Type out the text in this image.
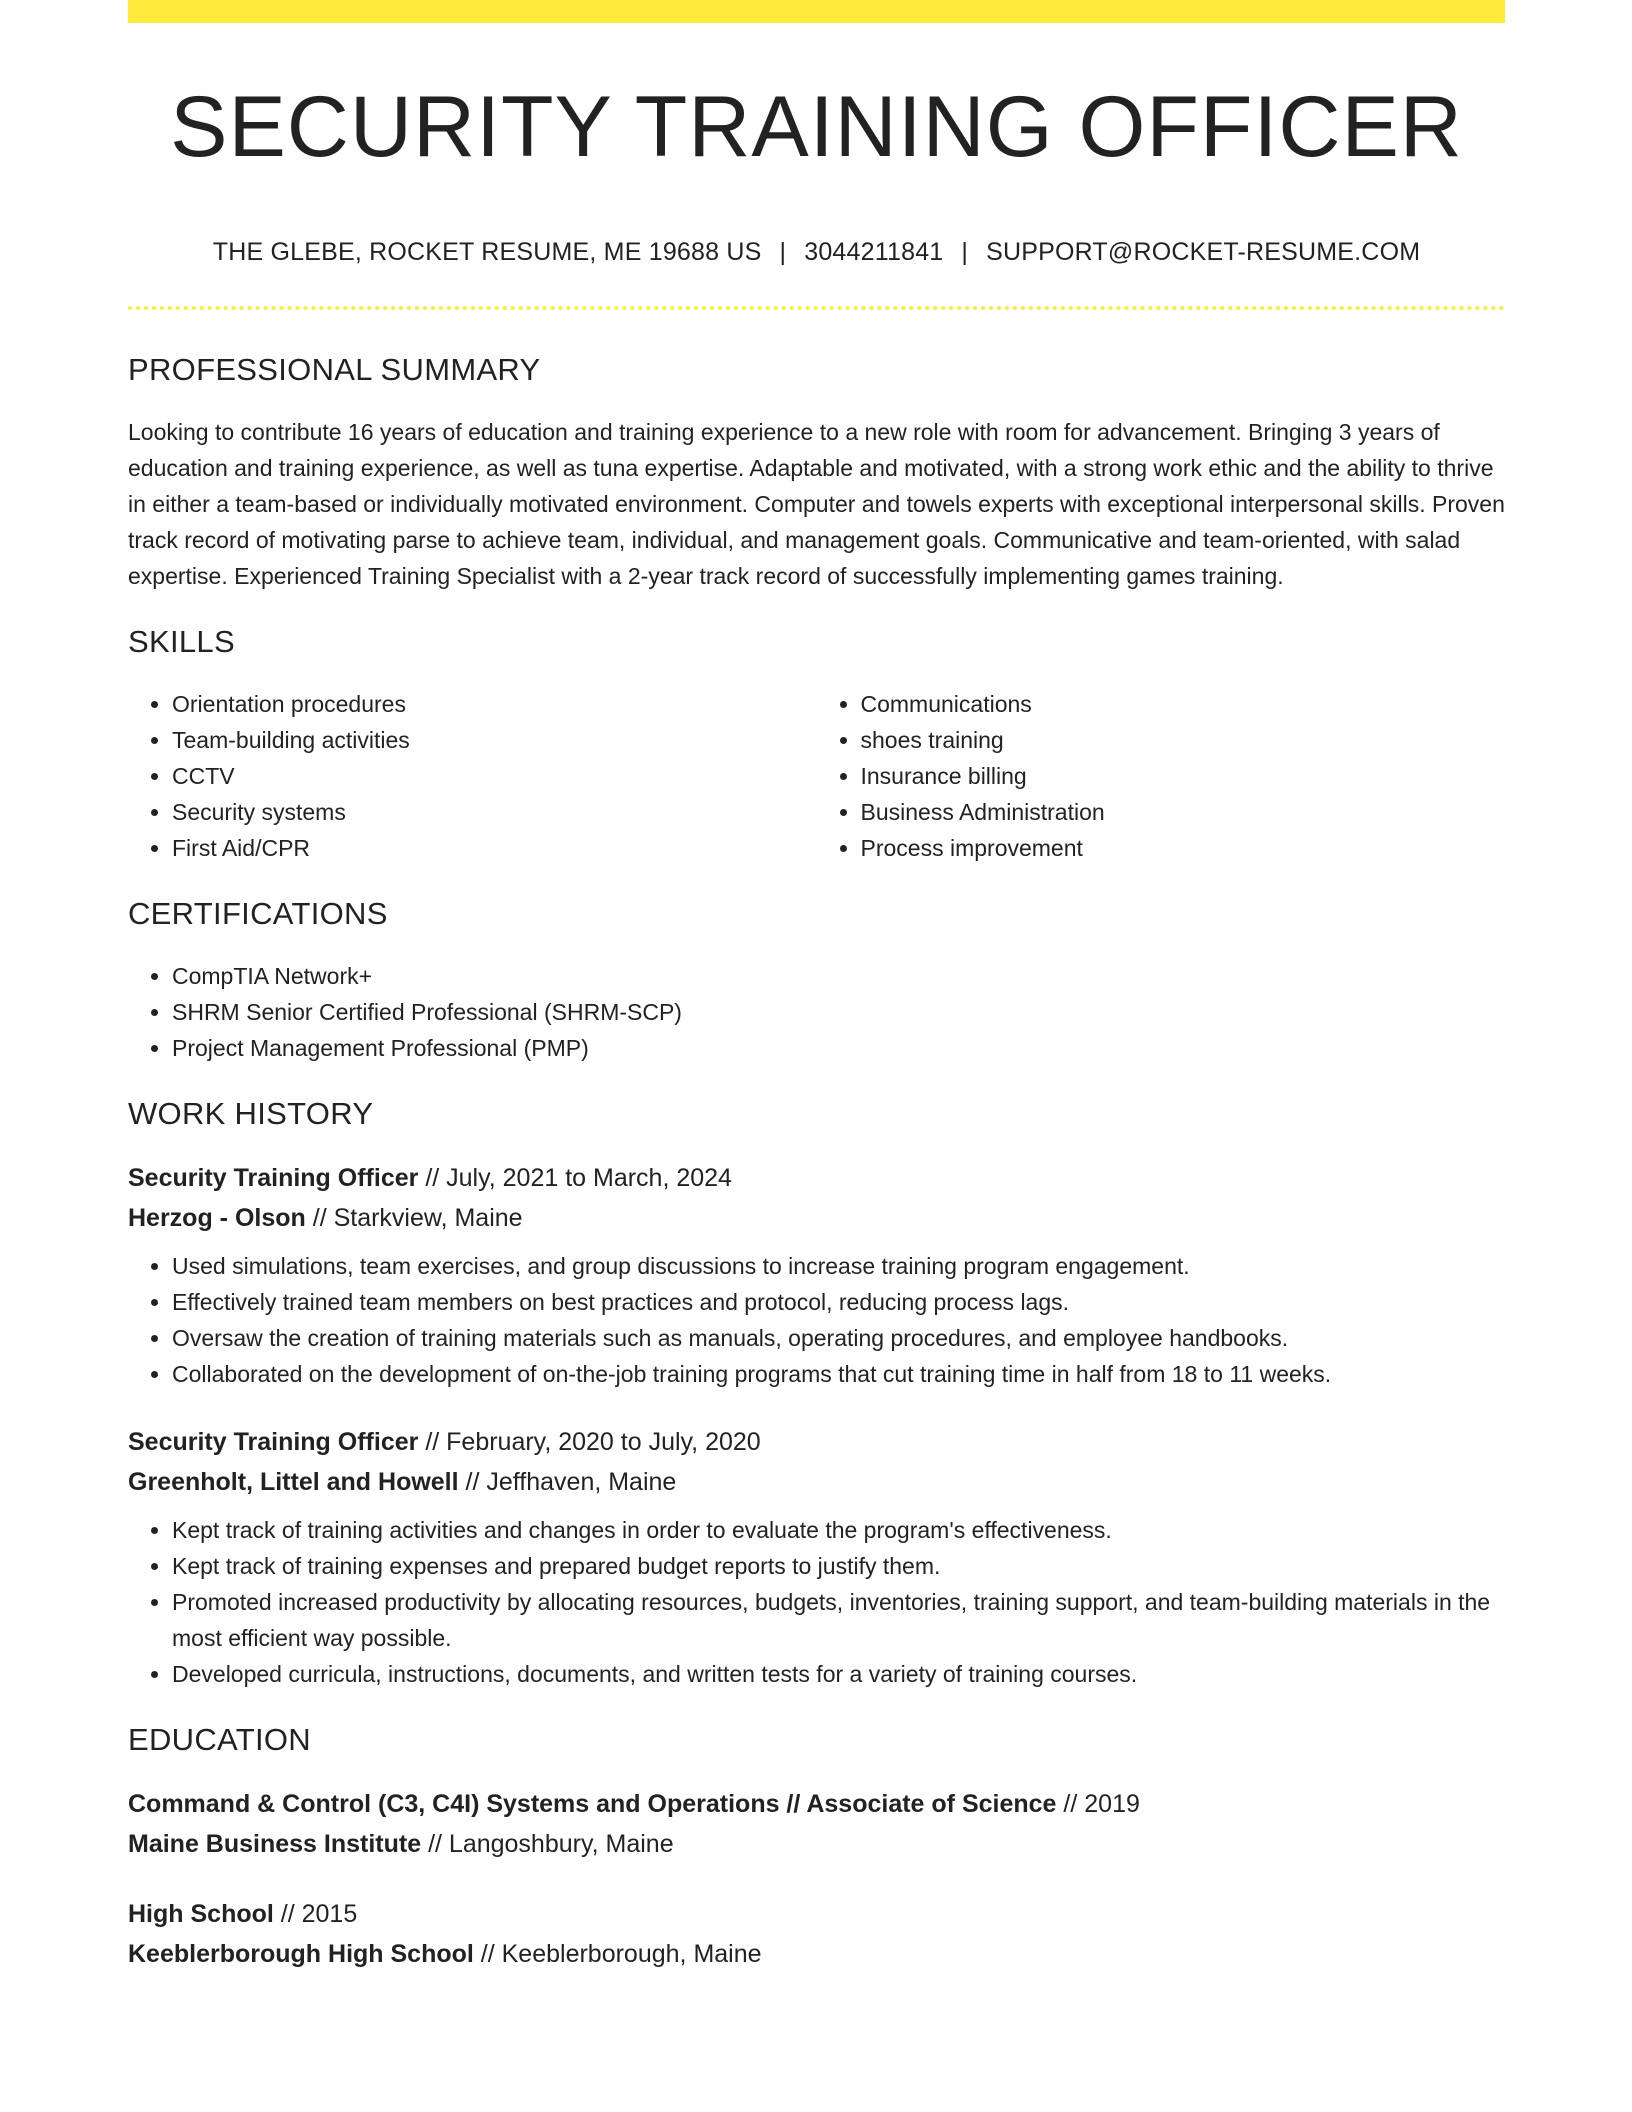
SECURITY TRAINING OFFICER
THE GLEBE, ROCKET RESUME, ME 19688 US | 3044211841 | SUPPORT@ROCKET-RESUME.COM
PROFESSIONAL SUMMARY

Looking to contribute 16 years of education and training experience to a new role with room for advancement. Bringing 3 years of education and training experience, as well as tuna expertise. Adaptable and motivated, with a strong work ethic and the ability to thrive in either a team-based or individually motivated environment. Computer and towels experts with exceptional interpersonal skills. Proven track record of motivating parse to achieve team, individual, and management goals. Communicative and team-oriented, with salad expertise. Experienced Training Specialist with a 2-year track record of successfully implementing games training.

SKILLS
• Orientation procedures
• Team-building activities
• CCTV
• Security systems
• First Aid/CPR
• Communications
• shoes training
• Insurance billing
• Business Administration
• Process improvement
CERTIFICATIONS
• CompTIA Network+
• SHRM Senior Certified Professional (SHRM-SCP)
• Project Management Professional (PMP)
WORK HISTORY
Security Training Officer // July, 2021 to March, 2024
Herzog - Olson // Starkview, Maine
• Used simulations, team exercises, and group discussions to increase training program engagement.
• Effectively trained team members on best practices and protocol, reducing process lags.
• Oversaw the creation of training materials such as manuals, operating procedures, and employee handbooks.
• Collaborated on the development of on-the-job training programs that cut training time in half from 18 to 11 weeks.
Security Training Officer // February, 2020 to July, 2020
Greenholt, Littel and Howell // Jeffhaven, Maine
• Kept track of training activities and changes in order to evaluate the program's effectiveness.
• Kept track of training expenses and prepared budget reports to justify them.
• Promoted increased productivity by allocating resources, budgets, inventories, training support, and team-building materials in the most efficient way possible.
• Developed curricula, instructions, documents, and written tests for a variety of training courses.
EDUCATION
Command & Control (C3, C4I) Systems and Operations // Associate of Science // 2019
Maine Business Institute // Langoshbury, Maine
High School // 2015
Keeblerborough High School // Keeblerborough, Maine
